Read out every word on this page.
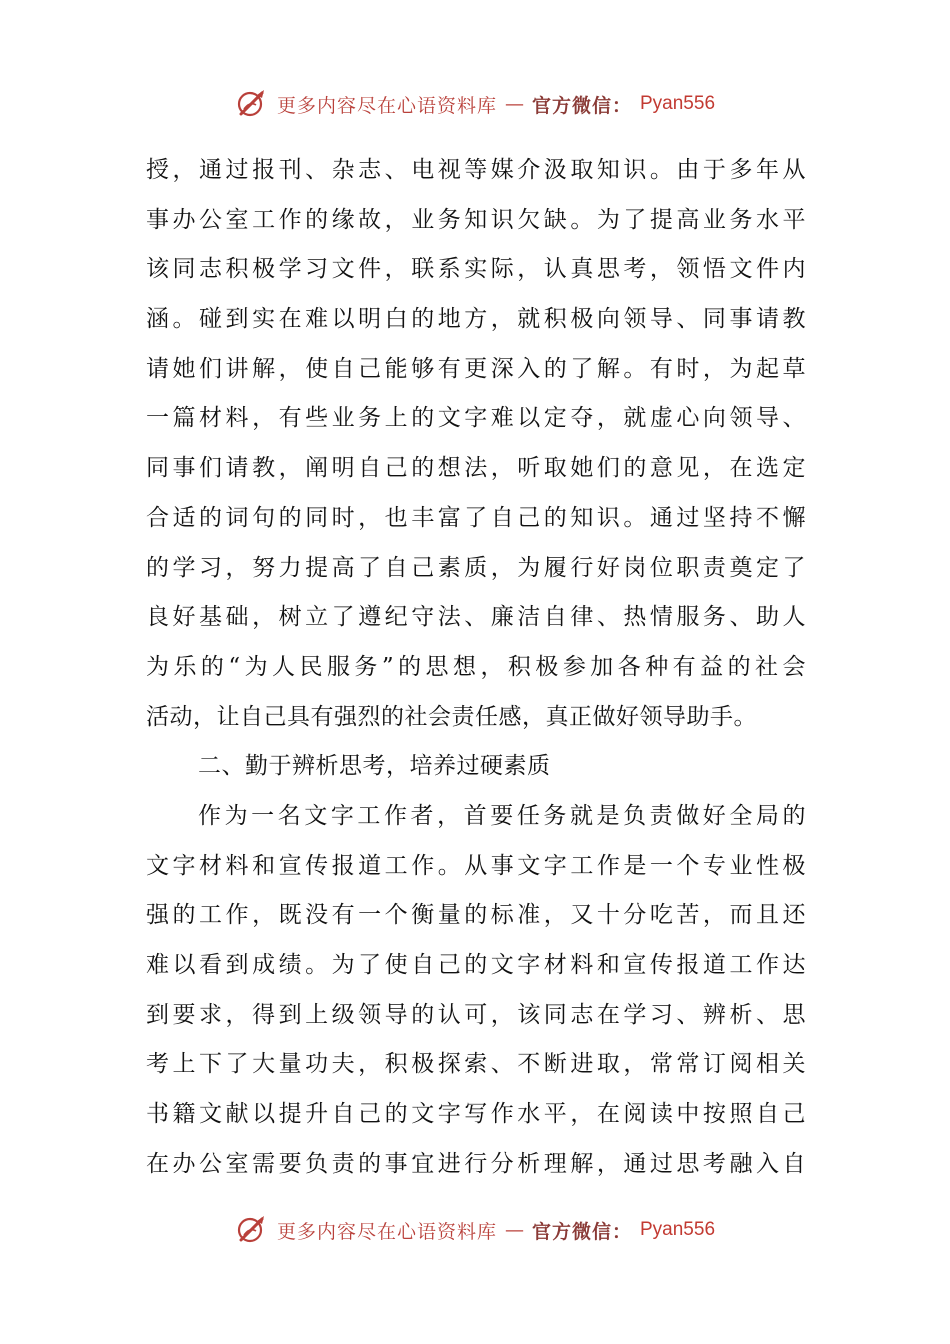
更多内容尽在心语资料库 — 官方微信： Pyan556
授，通过报刊、杂志、电视等媒介汲取知识。由于多年从
事办公室工作的缘故，业务知识欠缺。为了提高业务水平
该同志积极学习文件，联系实际，认真思考，领悟文件内
涵。碰到实在难以明白的地方，就积极向领导、同事请教
请她们讲解，使自己能够有更深入的了解。有时，为起草
一篇材料，有些业务上的文字难以定夺，就虚心向领导、
同事们请教，阐明自己的想法，听取她们的意见，在选定
合适的词句的同时，也丰富了自己的知识。通过坚持不懈
的学习，努力提高了自己素质，为履行好岗位职责奠定了
良好基础，树立了遵纪守法、廉洁自律、热情服务、助人
为乐的“为人民服务”的思想，积极参加各种有益的社会
活动，让自己具有强烈的社会责任感，真正做好领导助手。
二、勤于辨析思考，培养过硬素质
作为一名文字工作者，首要任务就是负责做好全局的
文字材料和宣传报道工作。从事文字工作是一个专业性极
强的工作，既没有一个衡量的标准，又十分吃苦，而且还
难以看到成绩。为了使自己的文字材料和宣传报道工作达
到要求，得到上级领导的认可，该同志在学习、辨析、思
考上下了大量功夫，积极探索、不断进取，常常订阅相关
书籍文献以提升自己的文字写作水平，在阅读中按照自己
在办公室需要负责的事宜进行分析理解，通过思考融入自
更多内容尽在心语资料库 — 官方微信： Pyan556
